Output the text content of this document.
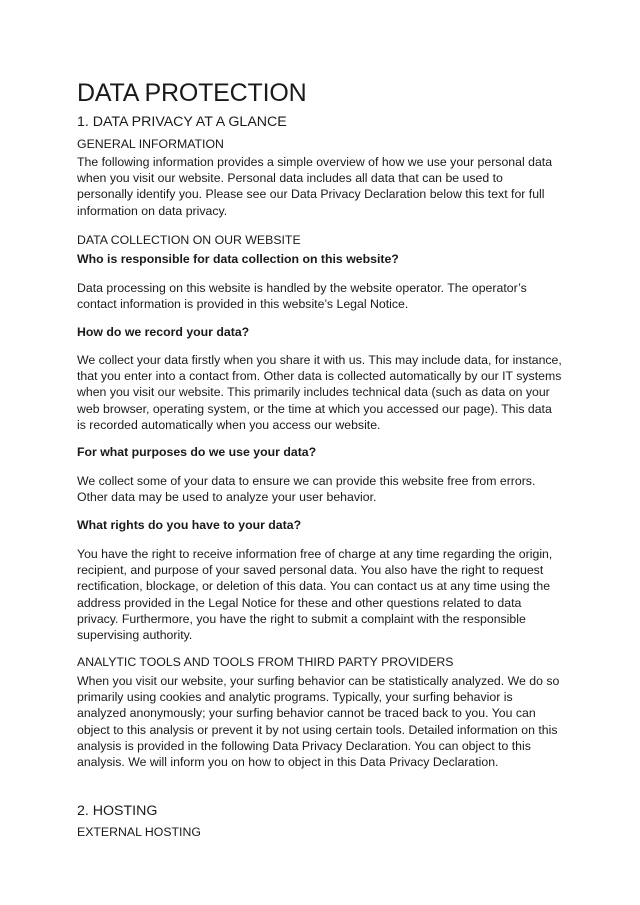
DATA PROTECTION
1. DATA PRIVACY AT A GLANCE
GENERAL INFORMATION

The following information provides a simple overview of how we use your personal data when you visit our website. Personal data includes all data that can be used to personally identify you. Please see our Data Privacy Declaration below this text for full information on data privacy.

DATA COLLECTION ON OUR WEBSITE

Who is responsible for data collection on this website?

Data processing on this website is handled by the website operator. The operator’s contact information is provided in this website’s Legal Notice.

How do we record your data?

We collect your data firstly when you share it with us. This may include data, for instance, that you enter into a contact from. Other data is collected automatically by our IT systems when you visit our website. This primarily includes technical data (such as data on your web browser, operating system, or the time at which you accessed our page). This data is recorded automatically when you access our website.

For what purposes do we use your data?

We collect some of your data to ensure we can provide this website free from errors. Other data may be used to analyze your user behavior.

What rights do you have to your data?

You have the right to receive information free of charge at any time regarding the origin, recipient, and purpose of your saved personal data. You also have the right to request rectification, blockage, or deletion of this data. You can contact us at any time using the address provided in the Legal Notice for these and other questions related to data privacy. Furthermore, you have the right to submit a complaint with the responsible supervising authority.

ANALYTIC TOOLS AND TOOLS FROM THIRD PARTY PROVIDERS

When you visit our website, your surfing behavior can be statistically analyzed. We do so primarily using cookies and analytic programs. Typically, your surfing behavior is analyzed anonymously; your surfing behavior cannot be traced back to you. You can object to this analysis or prevent it by not using certain tools. Detailed information on this analysis is provided in the following Data Privacy Declaration. You can object to this analysis. We will inform you on how to object in this Data Privacy Declaration.

2. HOSTING
EXTERNAL HOSTING
